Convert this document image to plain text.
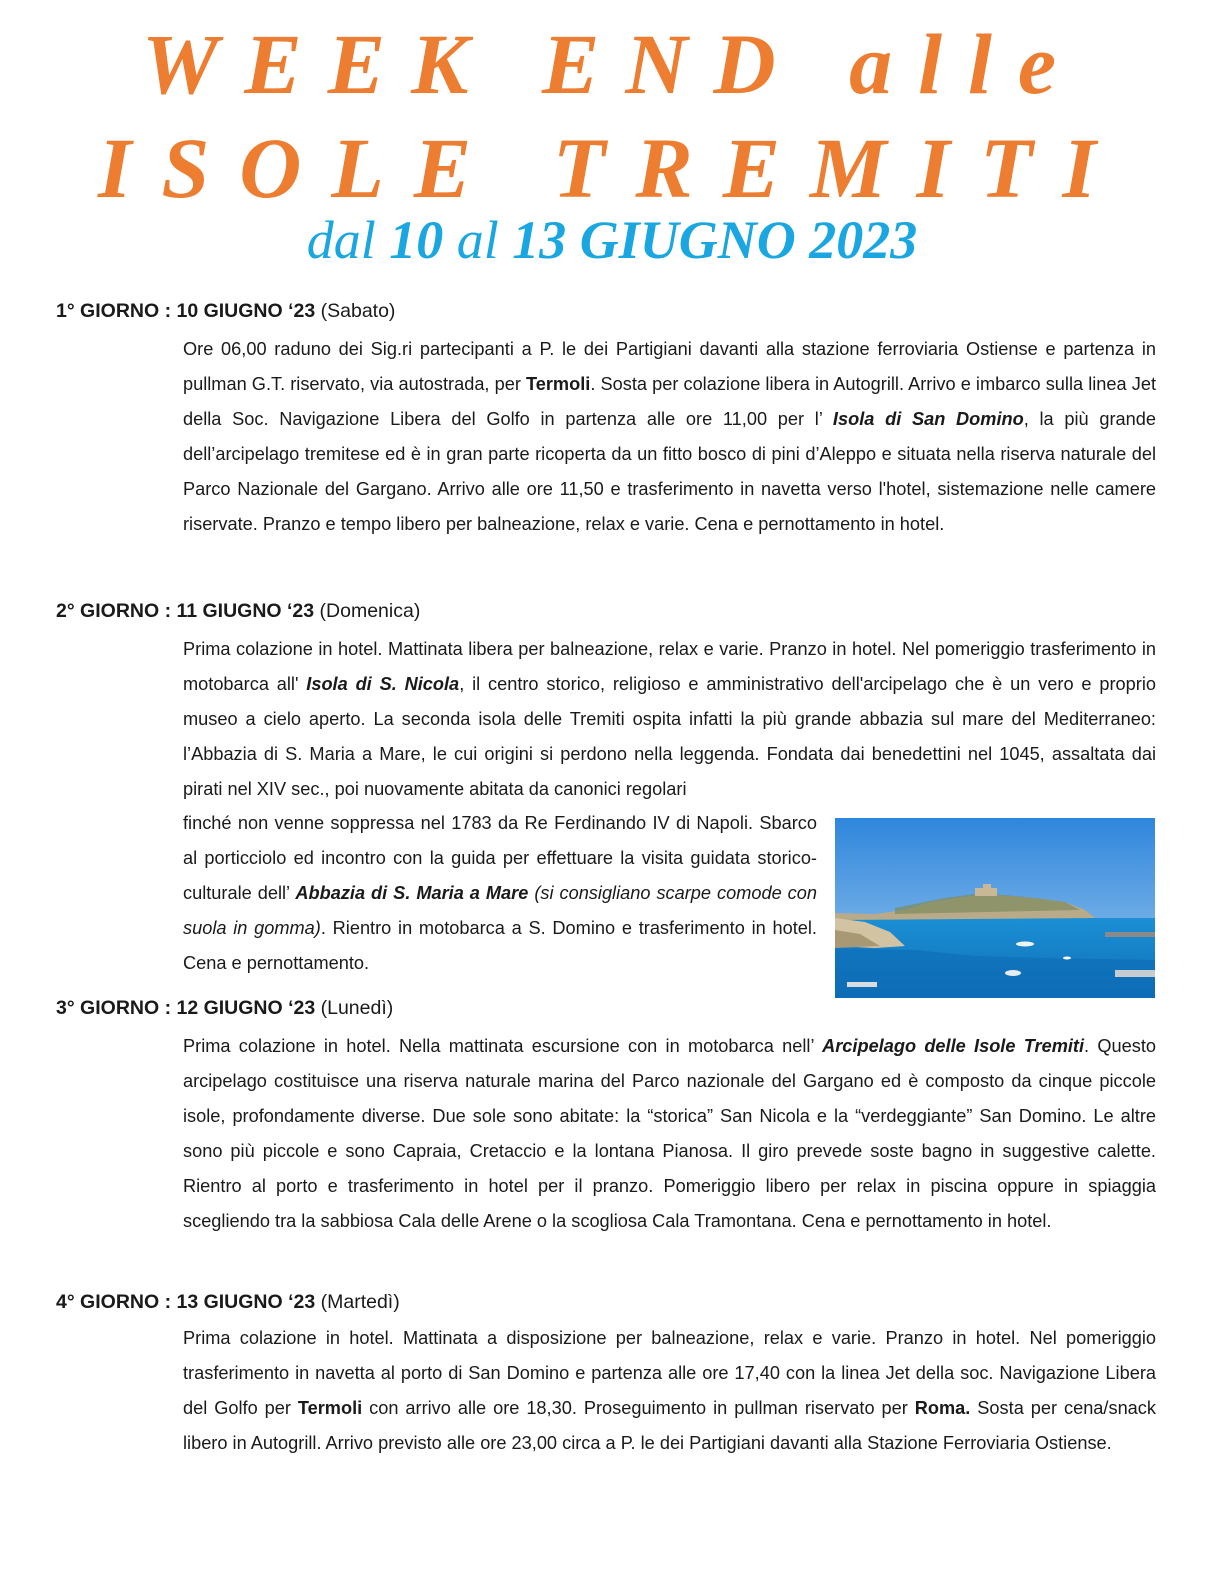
WEEK END alle
ISOLE TREMITI
dal 10 al 13 GIUGNO 2023
1° GIORNO : 10 GIUGNO ‘23 (Sabato)

Ore 06,00 raduno dei Sig.ri partecipanti a P. le dei Partigiani davanti alla stazione ferroviaria Ostiense e partenza in pullman G.T. riservato, via autostrada, per Termoli. Sosta per colazione libera in Autogrill. Arrivo e imbarco sulla linea Jet della Soc. Navigazione Libera del Golfo in partenza alle ore 11,00 per l’ Isola di San Domino, la più grande dell’arcipelago tremitese ed è in gran parte ricoperta da un fitto bosco di pini d’Aleppo e situata nella riserva naturale del Parco Nazionale del Gargano. Arrivo alle ore 11,50 e trasferimento in navetta verso l'hotel, sistemazione nelle camere riservate. Pranzo e tempo libero per balneazione, relax e varie. Cena e pernottamento in hotel.

2° GIORNO : 11 GIUGNO ‘23 (Domenica)

Prima colazione in hotel. Mattinata libera per balneazione, relax e varie. Pranzo in hotel. Nel pomeriggio trasferimento in motobarca all' Isola di S. Nicola, il centro storico, religioso e amministrativo dell'arcipelago che è un vero e proprio museo a cielo aperto. La seconda isola delle Tremiti ospita infatti la più grande abbazia sul mare del Mediterraneo: l’Abbazia di S. Maria a Mare, le cui origini si perdono nella leggenda. Fondata dai benedettini nel 1045, assaltata dai pirati nel XIV sec., poi nuovamente abitata da canonici regolari

finché non venne soppressa nel 1783 da Re Ferdinando IV di Napoli. Sbarco al porticciolo ed incontro con la guida per effettuare la visita guidata storico-culturale dell’ Abbazia di S. Maria a Mare (si consigliano scarpe comode con suola in gomma). Rientro in motobarca a S. Domino e trasferimento in hotel. Cena e pernottamento.

3° GIORNO : 12 GIUGNO ‘23 (Lunedì)

Prima colazione in hotel. Nella mattinata escursione con in motobarca nell’ Arcipelago delle Isole Tremiti. Questo arcipelago costituisce una riserva naturale marina del Parco nazionale del Gargano ed è composto da cinque piccole isole, profondamente diverse. Due sole sono abitate: la “storica” San Nicola e la “verdeggiante” San Domino. Le altre sono più piccole e sono Capraia, Cretaccio e la lontana Pianosa. Il giro prevede soste bagno in suggestive calette. Rientro al porto e trasferimento in hotel per il pranzo. Pomeriggio libero per relax in piscina oppure in spiaggia scegliendo tra la sabbiosa Cala delle Arene o la scogliosa Cala Tramontana. Cena e pernottamento in hotel.

4° GIORNO : 13 GIUGNO ‘23 (Martedì)

Prima colazione in hotel. Mattinata a disposizione per balneazione, relax e varie. Pranzo in hotel. Nel pomeriggio trasferimento in navetta al porto di San Domino e partenza alle ore 17,40 con la linea Jet della soc. Navigazione Libera del Golfo per Termoli con arrivo alle ore 18,30. Proseguimento in pullman riservato per Roma. Sosta per cena/snack libero in Autogrill. Arrivo previsto alle ore 23,00 circa a P. le dei Partigiani davanti alla Stazione Ferroviaria Ostiense.
